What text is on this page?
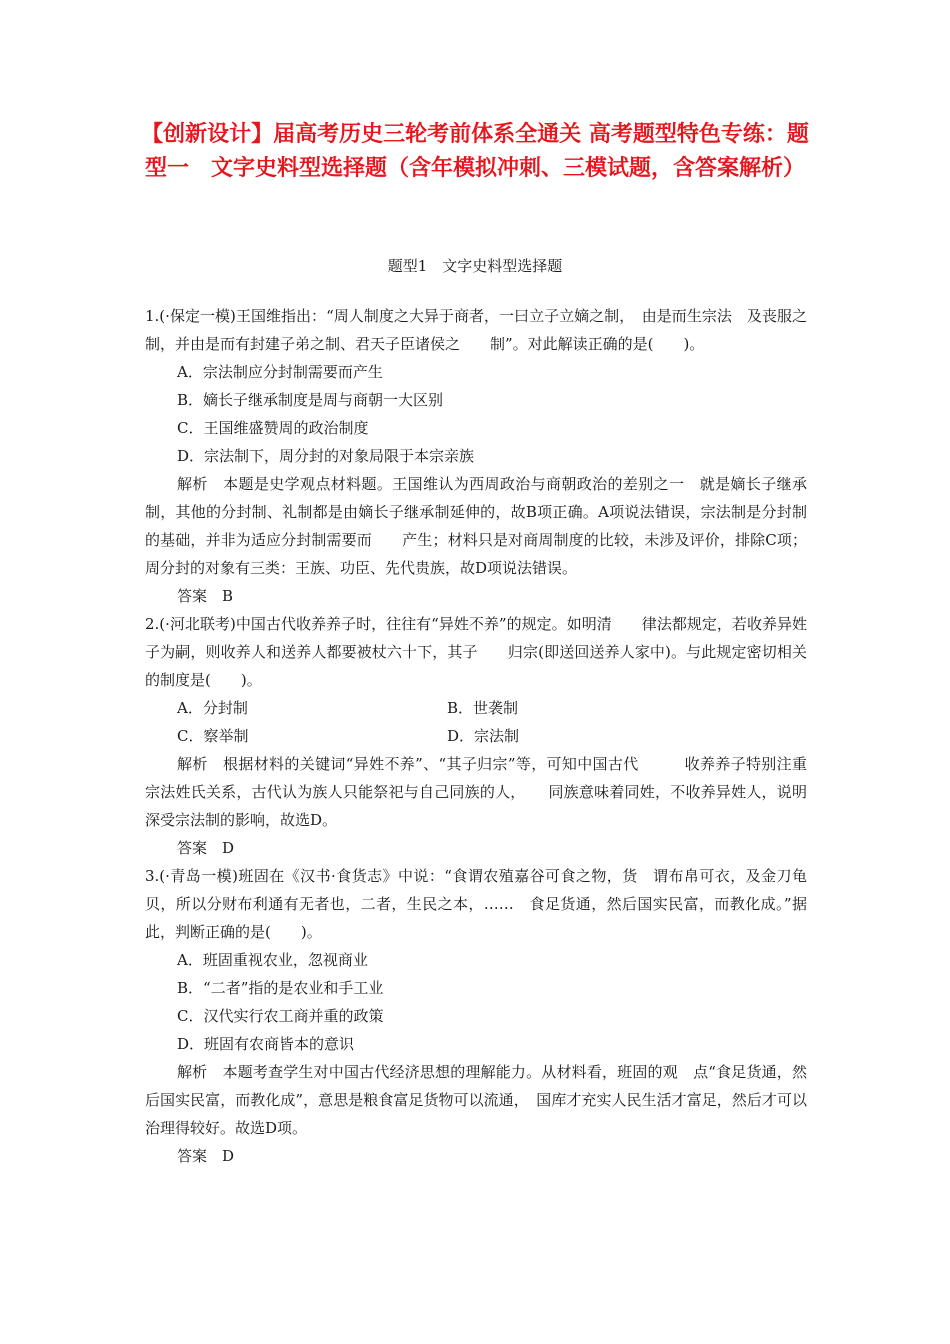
【创新设计】届高考历史三轮考前体系全通关 高考题型特色专练：题型一　文字史料型选择题（含年模拟冲刺、三模试题，含答案解析）
题型1　文字史料型选择题

1.(·保定一模)王国维指出：“周人制度之大异于商者，一曰立子立嫡之制，　由是而生宗法　及丧服之制，并由是而有封建子弟之制、君天子臣诸侯之　　制”。对此解读正确的是(　　)。

A．宗法制应分封制需要而产生

B．嫡长子继承制度是周与商朝一大区别

C．王国维盛赞周的政治制度

D．宗法制下，周分封的对象局限于本宗亲族

解析　本题是史学观点材料题。王国维认为西周政治与商朝政治的差别之一　就是嫡长子继承制，其他的分封制、礼制都是由嫡长子继承制延伸的，故B项正确。A项说法错误，宗法制是分封制的基础，并非为适应分封制需要而　　产生；材料只是对商周制度的比较，未涉及评价，排除C项；周分封的对象有三类：王族、功臣、先代贵族，故D项说法错误。

答案　B

2.(·河北联考)中国古代收养养子时，往往有“异姓不养”的规定。如明清　　律法都规定，若收养异姓子为嗣，则收养人和送养人都要被杖六十下，其子　　归宗(即送回送养人家中)。与此规定密切相关的制度是(　　)。

A．分封制	B．世袭制
C．察举制	D．宗法制

解析　根据材料的关键词“异姓不养”、“其子归宗”等，可知中国古代　　　收养养子特别注重宗法姓氏关系，古代认为族人只能祭祀与自己同族的人，　　同族意味着同姓，不收养异姓人，说明深受宗法制的影响，故选D。

答案　D

3.(·青岛一模)班固在《汉书·食货志》中说：“食谓农殖嘉谷可食之物，货　谓布帛可衣，及金刀龟贝，所以分财布利通有无者也，二者，生民之本，……　食足货通，然后国实民富，而教化成。”据此，判断正确的是(　　)。

A．班固重视农业，忽视商业

B．“二者”指的是农业和手工业

C．汉代实行农工商并重的政策

D．班固有农商皆本的意识

解析　本题考查学生对中国古代经济思想的理解能力。从材料看，班固的观　点“食足货通，然后国实民富，而教化成”，意思是粮食富足货物可以流通，　国库才充实人民生活才富足，然后才可以治理得较好。故选D项。

答案　D
